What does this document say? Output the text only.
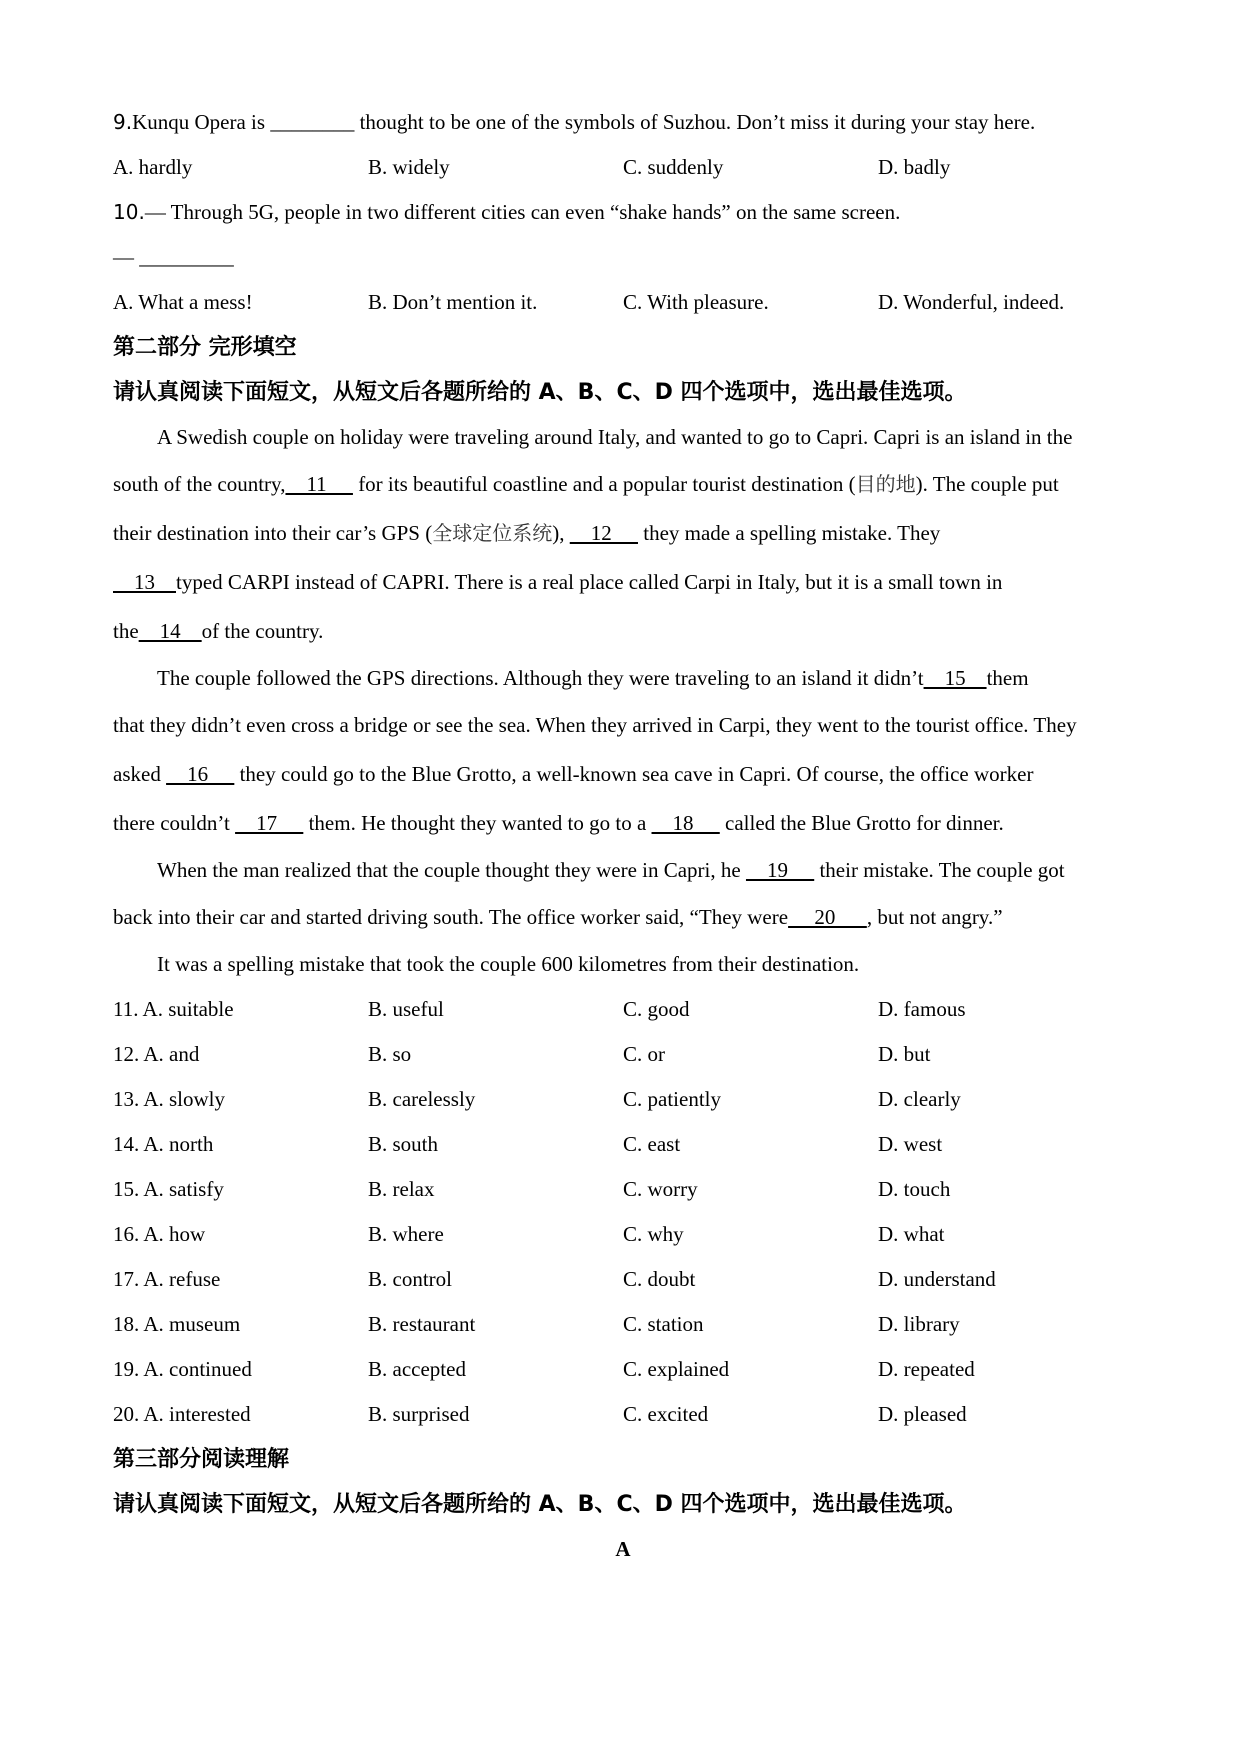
9.Kunqu Opera is ________ thought to be one of the symbols of Suzhou. Don’t miss it during your stay here.
A. hardly	B. widely	C. suddenly	D. badly
10.— Through 5G, people in two different cities can even “shake hands” on the same screen.
— _________
A. What a mess!	B. Don’t mention it.	C. With pleasure.	D. Wonderful, indeed.
第二部分 完形填空
请认真阅读下面短文，从短文后各题所给的 A、B、C、D 四个选项中，选出最佳选项。
A Swedish couple on holiday were traveling around Italy, and wanted to go to Capri. Capri is an island in the
south of the country,    11      for its beautiful coastline and a popular tourist destination (目的地). The couple put
their destination into their car’s GPS (全球定位系统),     12      they made a spelling mistake. They
13    typed CARPI instead of CAPRI. There is a real place called Carpi in Italy, but it is a small town in
the    14    of the country.
The couple followed the GPS directions. Although they were traveling to an island it didn’t    15    them
that they didn’t even cross a bridge or see the sea. When they arrived in Carpi, they went to the tourist office. They
asked     16      they could go to the Blue Grotto, a well-known sea cave in Capri. Of course, the office worker
there couldn’t     17      them. He thought they wanted to go to a     18      called the Blue Grotto for dinner.
When the man realized that the couple thought they were in Capri, he     19      their mistake. The couple got
back into their car and started driving south. The office worker said, “They were     20      , but not angry.”
It was a spelling mistake that took the couple 600 kilometres from their destination.
11. A. suitable	B. useful	C. good	D. famous
12. A. and	B. so	C. or	D. but
13. A. slowly	B. carelessly	C. patiently	D. clearly
14. A. north	B. south	C. east	D. west
15. A. satisfy	B. relax	C. worry	D. touch
16. A. how	B. where	C. why	D. what
17. A. refuse	B. control	C. doubt	D. understand
18. A. museum	B. restaurant	C. station	D. library
19. A. continued	B. accepted	C. explained	D. repeated
20. A. interested	B. surprised	C. excited	D. pleased
第三部分阅读理解
请认真阅读下面短文，从短文后各题所给的 A、B、C、D 四个选项中，选出最佳选项。
A
